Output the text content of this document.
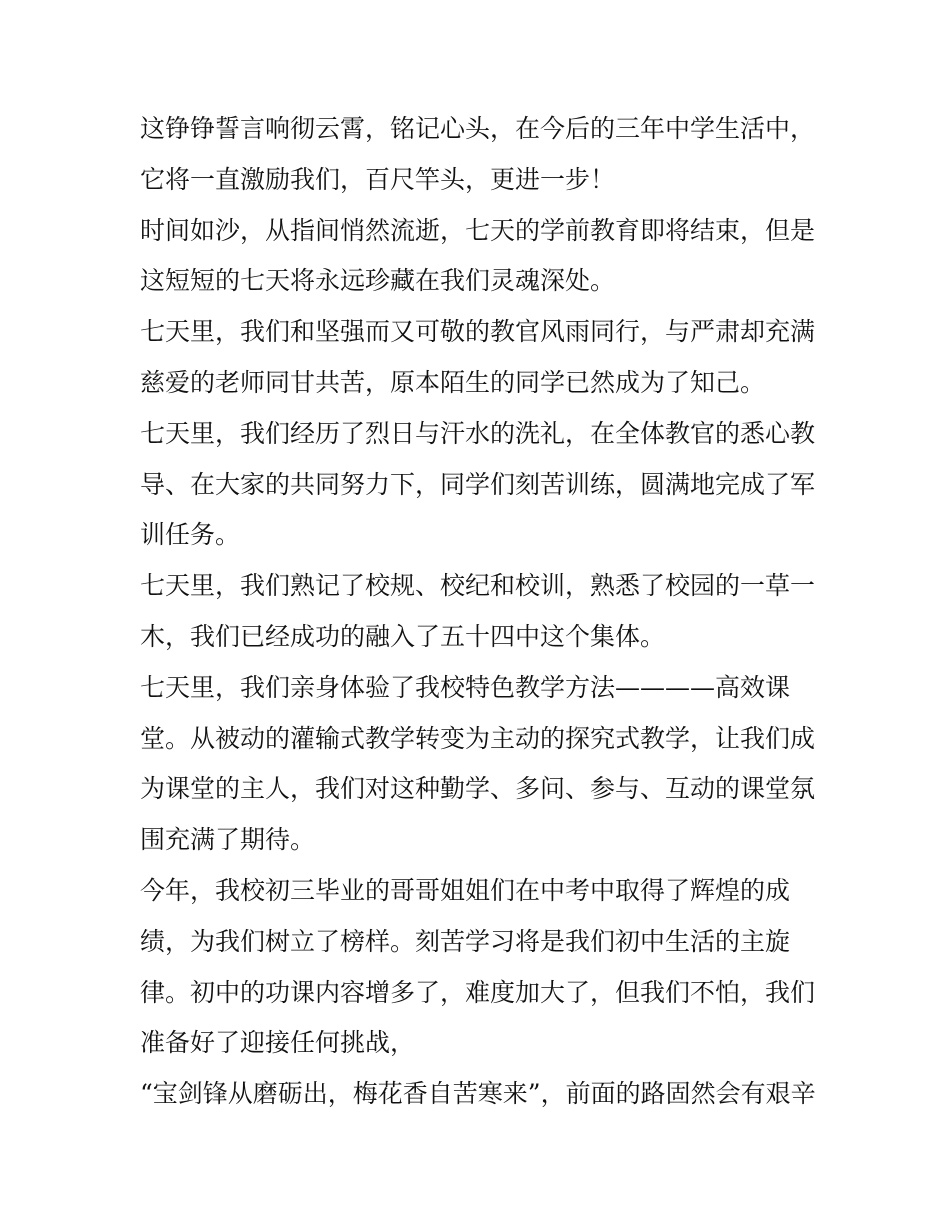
这铮铮誓言响彻云霄，铭记心头，在今后的三年中学生活中，
它将一直激励我们，百尺竿头，更进一步！
时间如沙，从指间悄然流逝，七天的学前教育即将结束，但是
这短短的七天将永远珍藏在我们灵魂深处。
七天里，我们和坚强而又可敬的教官风雨同行，与严肃却充满
慈爱的老师同甘共苦，原本陌生的同学已然成为了知己。
七天里，我们经历了烈日与汗水的洗礼，在全体教官的悉心教
导、在大家的共同努力下，同学们刻苦训练，圆满地完成了军
训任务。
七天里，我们熟记了校规、校纪和校训，熟悉了校园的一草一
木，我们已经成功的融入了五十四中这个集体。
七天里，我们亲身体验了我校特色教学方法————高效课
堂。从被动的灌输式教学转变为主动的探究式教学，让我们成
为课堂的主人，我们对这种勤学、多问、参与、互动的课堂氛
围充满了期待。
今年，我校初三毕业的哥哥姐姐们在中考中取得了辉煌的成
绩，为我们树立了榜样。刻苦学习将是我们初中生活的主旋
律。初中的功课内容增多了，难度加大了，但我们不怕，我们
准备好了迎接任何挑战，
“宝剑锋从磨砺出，梅花香自苦寒来”，前面的路固然会有艰辛
